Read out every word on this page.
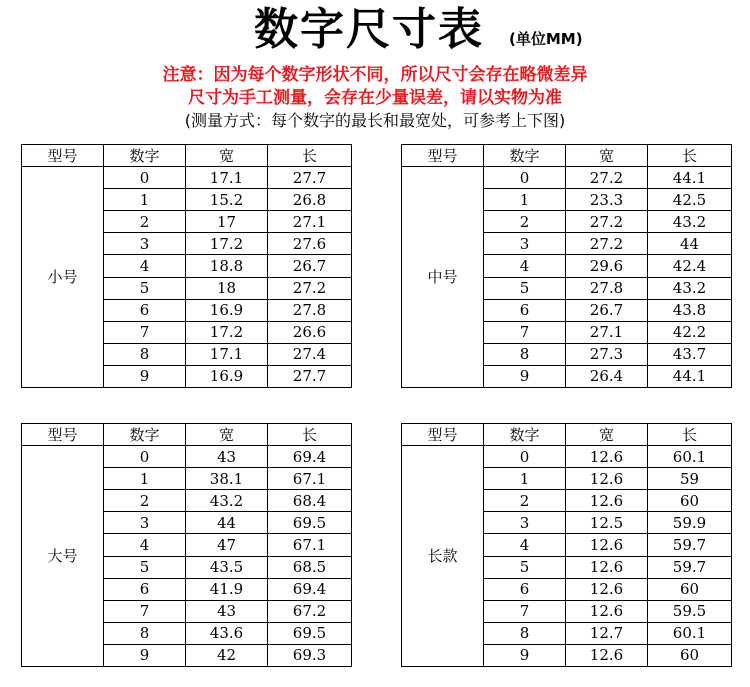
数字尺寸表 (单位MM)
注意：因为每个数字形状不同，所以尺寸会存在略微差异
尺寸为手工测量，会存在少量误差，请以实物为准
(测量方式：每个数字的最长和最宽处，可参考上下图)
型号	数字	宽	长
小号	0	17.1	27.7
	1	15.2	26.8
	2	17	27.1
	3	17.2	27.6
	4	18.8	26.7
	5	18	27.2
	6	16.9	27.8
	7	17.2	26.6
	8	17.1	27.4
	9	16.9	27.7
型号	数字	宽	长
中号	0	27.2	44.1
	1	23.3	42.5
	2	27.2	43.2
	3	27.2	44
	4	29.6	42.4
	5	27.8	43.2
	6	26.7	43.8
	7	27.1	42.2
	8	27.3	43.7
	9	26.4	44.1
型号	数字	宽	长
大号	0	43	69.4
	1	38.1	67.1
	2	43.2	68.4
	3	44	69.5
	4	47	67.1
	5	43.5	68.5
	6	41.9	69.4
	7	43	67.2
	8	43.6	69.5
	9	42	69.3
型号	数字	宽	长
长款	0	12.6	60.1
	1	12.6	59
	2	12.6	60
	3	12.5	59.9
	4	12.6	59.7
	5	12.6	59.7
	6	12.6	60
	7	12.6	59.5
	8	12.7	60.1
	9	12.6	60
